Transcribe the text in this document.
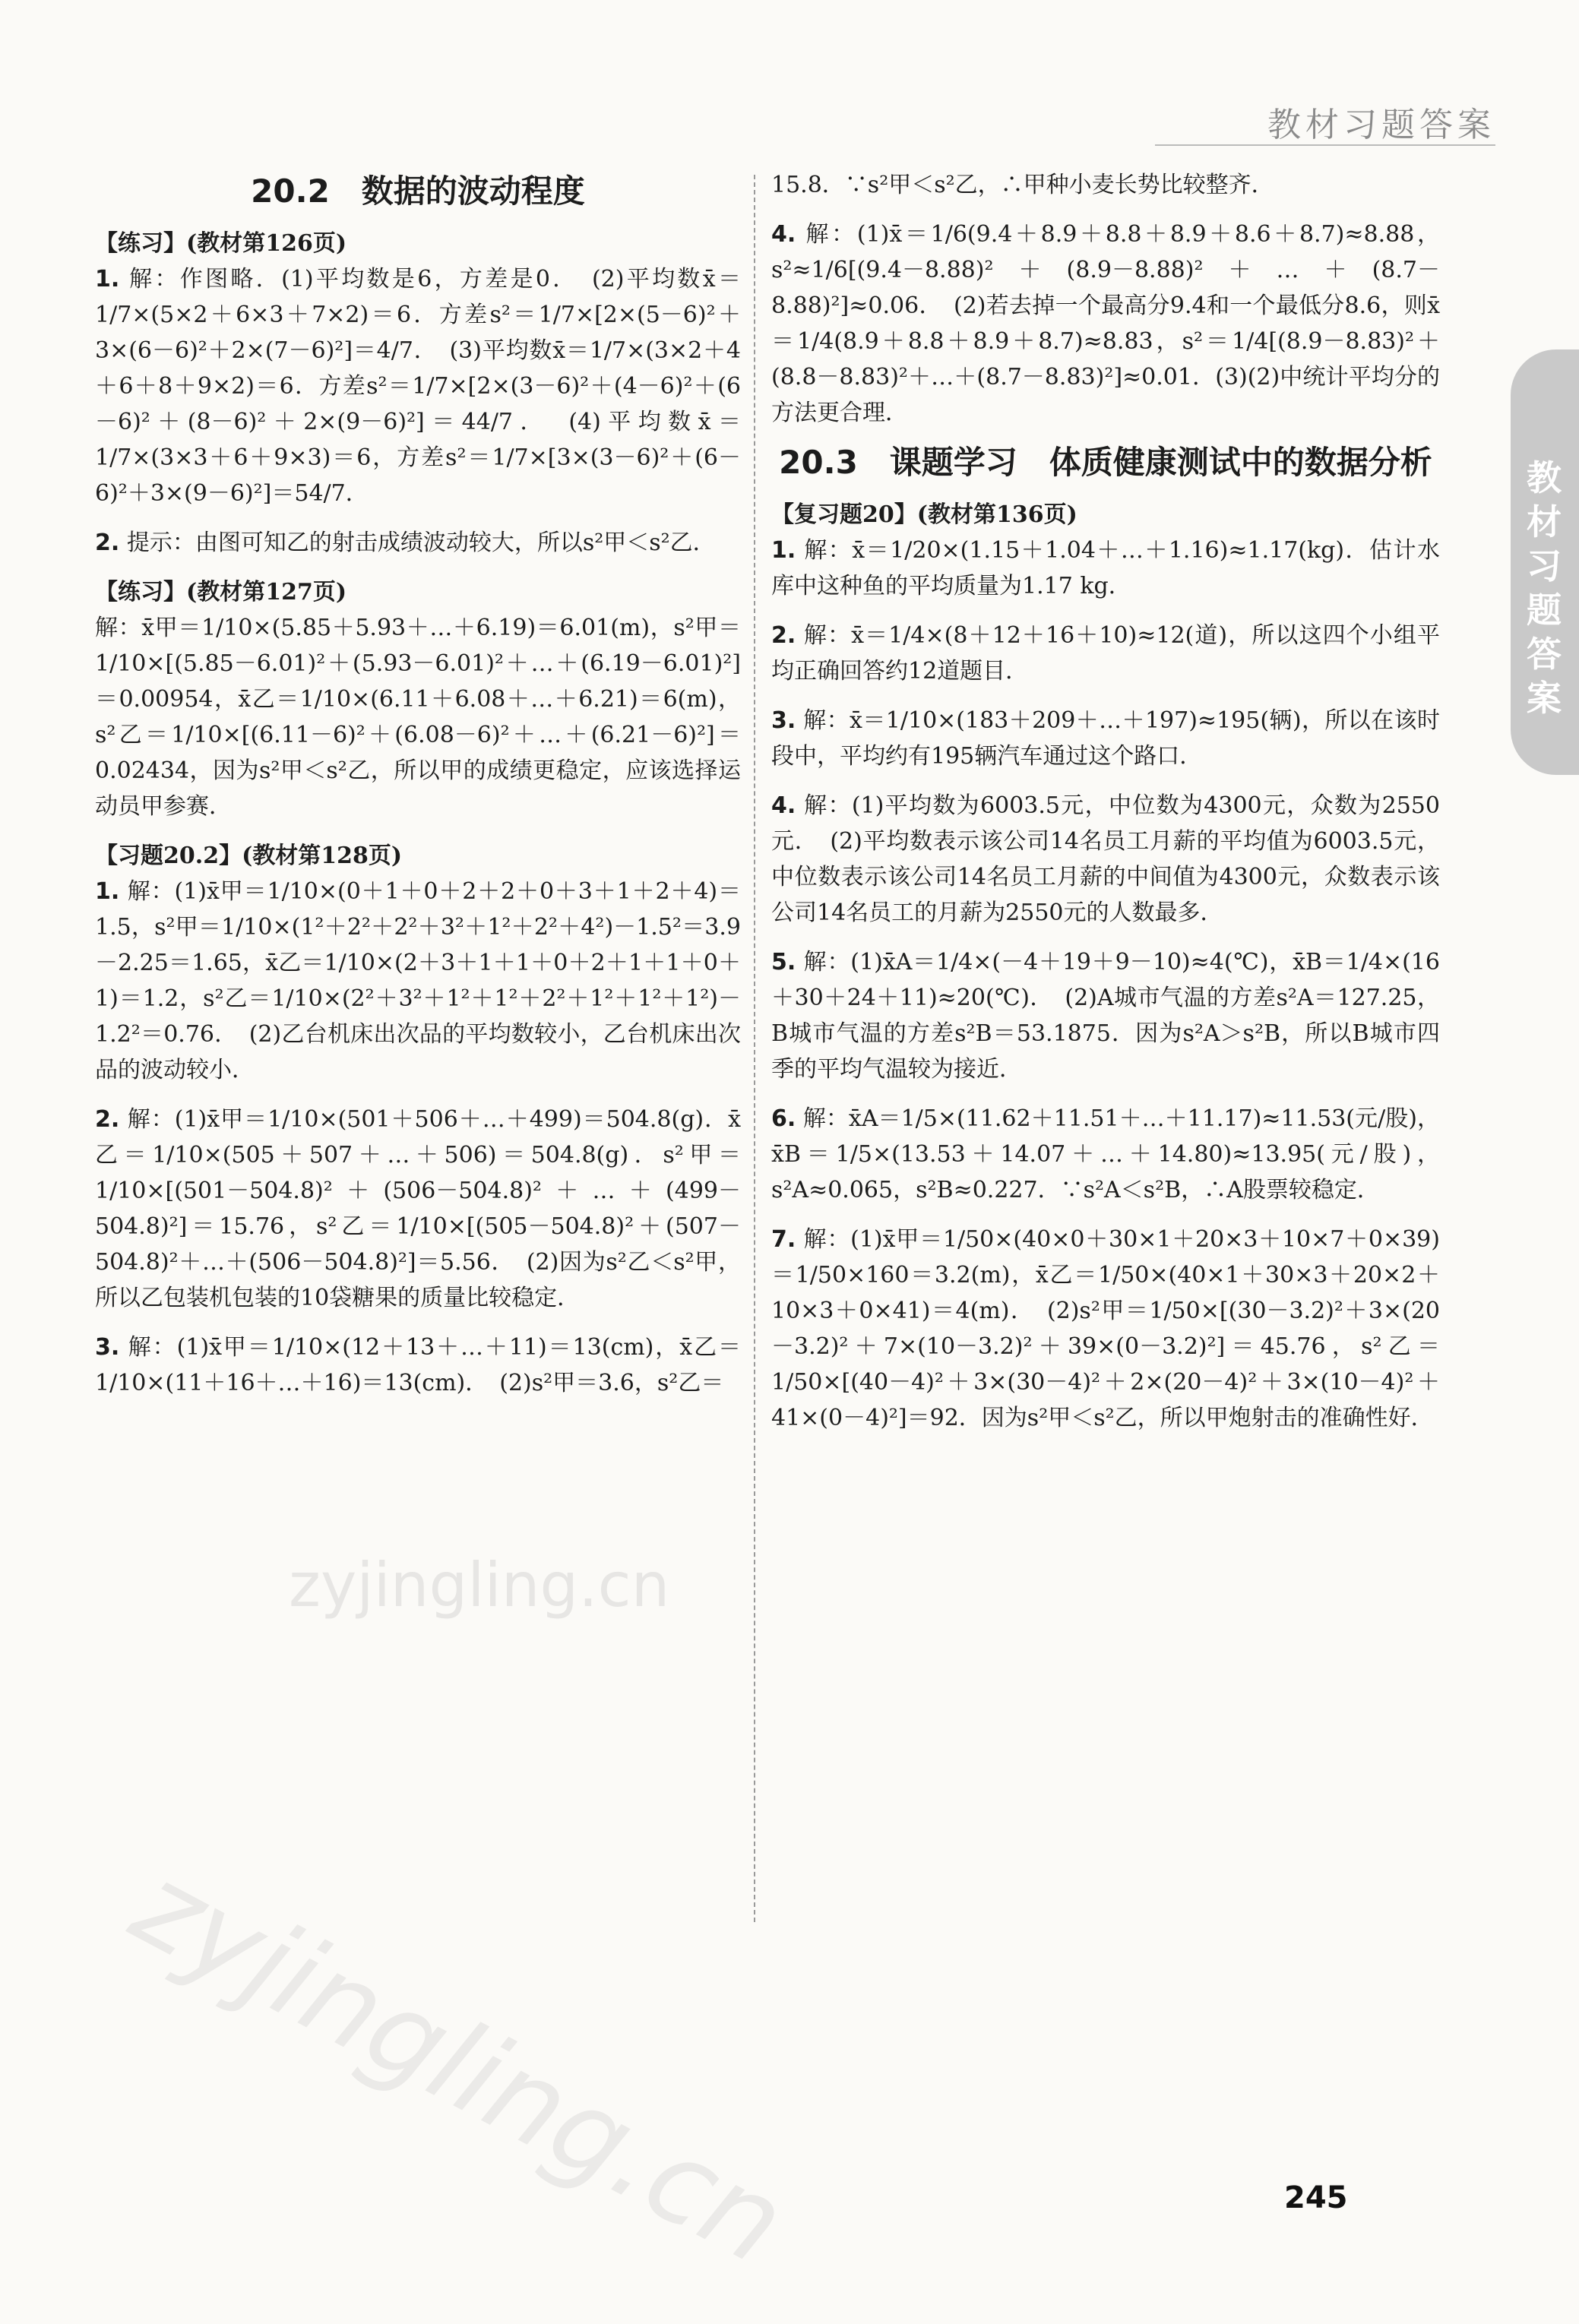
教材习题答案
教材习题答案
zyjingling.cn
zyjingling.cn
20.2　数据的波动程度
【练习】(教材第126页)
1. 解：作图略．(1)平均数是6，方差是0．　(2)平均数x̄＝1/7×(5×2＋6×3＋7×2)＝6．方差s²＝1/7×[2×(5－6)²＋3×(6－6)²＋2×(7－6)²]＝4/7．　(3)平均数x̄＝1/7×(3×2＋4＋6＋8＋9×2)＝6．方差s²＝1/7×[2×(3－6)²＋(4－6)²＋(6－6)²＋(8－6)²＋2×(9－6)²]＝44/7．　(4)平均数x̄＝1/7×(3×3＋6＋9×3)＝6，方差s²＝1/7×[3×(3－6)²＋(6－6)²＋3×(9－6)²]＝54/7．
2. 提示：由图可知乙的射击成绩波动较大，所以s²甲＜s²乙．
【练习】(教材第127页)
解：x̄甲＝1/10×(5.85＋5.93＋…＋6.19)＝6.01(m)，s²甲＝1/10×[(5.85－6.01)²＋(5.93－6.01)²＋…＋(6.19－6.01)²]＝0.00954，x̄乙＝1/10×(6.11＋6.08＋…＋6.21)＝6(m)，s²乙＝1/10×[(6.11－6)²＋(6.08－6)²＋…＋(6.21－6)²]＝0.02434，因为s²甲＜s²乙，所以甲的成绩更稳定，应该选择运动员甲参赛．
【习题20.2】(教材第128页)
1. 解：(1)x̄甲＝1/10×(0＋1＋0＋2＋2＋0＋3＋1＋2＋4)＝1.5，s²甲＝1/10×(1²＋2²＋2²＋3²＋1²＋2²＋4²)－1.5²＝3.9－2.25＝1.65，x̄乙＝1/10×(2＋3＋1＋1＋0＋2＋1＋1＋0＋1)＝1.2，s²乙＝1/10×(2²＋3²＋1²＋1²＋2²＋1²＋1²＋1²)－1.2²＝0.76．　(2)乙台机床出次品的平均数较小，乙台机床出次品的波动较小．
2. 解：(1)x̄甲＝1/10×(501＋506＋…＋499)＝504.8(g)．x̄乙＝1/10×(505＋507＋…＋506)＝504.8(g)．s²甲＝1/10×[(501－504.8)²＋(506－504.8)²＋…＋(499－504.8)²]＝15.76，s²乙＝1/10×[(505－504.8)²＋(507－504.8)²＋…＋(506－504.8)²]＝5.56．　(2)因为s²乙＜s²甲，所以乙包装机包装的10袋糖果的质量比较稳定．
3. 解：(1)x̄甲＝1/10×(12＋13＋…＋11)＝13(cm)，x̄乙＝1/10×(11＋16＋…＋16)＝13(cm)．　(2)s²甲＝3.6，s²乙＝
15.8．∵s²甲＜s²乙，∴甲种小麦长势比较整齐．
4. 解：(1)x̄＝1/6(9.4＋8.9＋8.8＋8.9＋8.6＋8.7)≈8.88，s²≈1/6[(9.4－8.88)²＋(8.9－8.88)²＋…＋(8.7－8.88)²]≈0.06．　(2)若去掉一个最高分9.4和一个最低分8.6，则x̄＝1/4(8.9＋8.8＋8.9＋8.7)≈8.83，s²＝1/4[(8.9－8.83)²＋(8.8－8.83)²＋…＋(8.7－8.83)²]≈0.01．(3)(2)中统计平均分的方法更合理．
20.3　课题学习　体质健康测试中的数据分析
【复习题20】(教材第136页)
1. 解：x̄＝1/20×(1.15＋1.04＋…＋1.16)≈1.17(kg)．估计水库中这种鱼的平均质量为1.17 kg．
2. 解：x̄＝1/4×(8＋12＋16＋10)≈12(道)，所以这四个小组平均正确回答约12道题目．
3. 解：x̄＝1/10×(183＋209＋…＋197)≈195(辆)，所以在该时段中，平均约有195辆汽车通过这个路口．
4. 解：(1)平均数为6003.5元，中位数为4300元，众数为2550元．　(2)平均数表示该公司14名员工月薪的平均值为6003.5元，中位数表示该公司14名员工月薪的中间值为4300元，众数表示该公司14名员工的月薪为2550元的人数最多．
5. 解：(1)x̄A＝1/4×(－4＋19＋9－10)≈4(℃)，x̄B＝1/4×(16＋30＋24＋11)≈20(℃)．　(2)A城市气温的方差s²A＝127.25，B城市气温的方差s²B＝53.1875．因为s²A＞s²B，所以B城市四季的平均气温较为接近．
6. 解：x̄A＝1/5×(11.62＋11.51＋…＋11.17)≈11.53(元/股)，x̄B＝1/5×(13.53＋14.07＋…＋14.80)≈13.95(元/股)，s²A≈0.065，s²B≈0.227．∵s²A＜s²B，∴A股票较稳定．
7. 解：(1)x̄甲＝1/50×(40×0＋30×1＋20×3＋10×7＋0×39)＝1/50×160＝3.2(m)，x̄乙＝1/50×(40×1＋30×3＋20×2＋10×3＋0×41)＝4(m)．　(2)s²甲＝1/50×[(30－3.2)²＋3×(20－3.2)²＋7×(10－3.2)²＋39×(0－3.2)²]＝45.76，s²乙＝1/50×[(40－4)²＋3×(30－4)²＋2×(20－4)²＋3×(10－4)²＋41×(0－4)²]＝92．因为s²甲＜s²乙，所以甲炮射击的准确性好．
245
